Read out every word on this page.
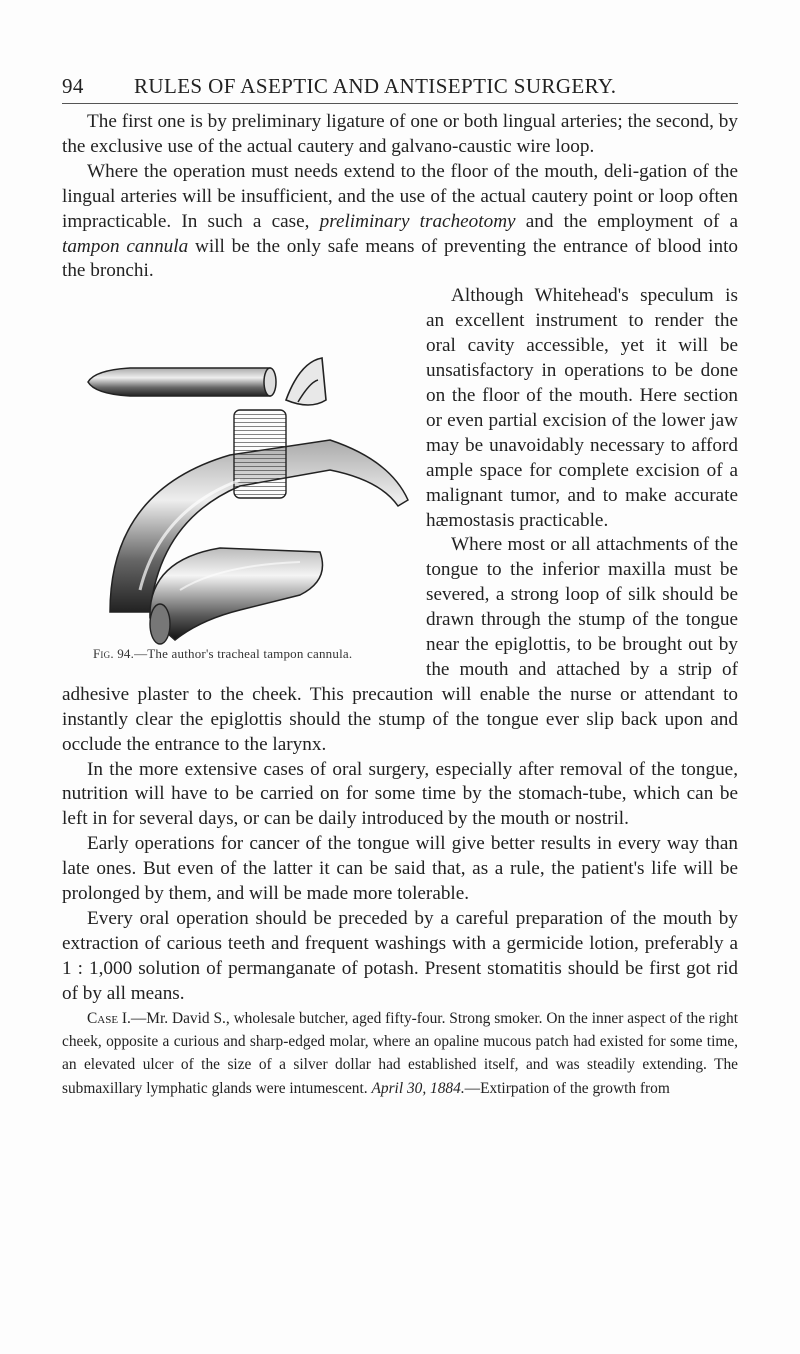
94 RULES OF ASEPTIC AND ANTISEPTIC SURGERY.

The first one is by preliminary ligature of one or both lingual arteries; the second, by the exclusive use of the actual cautery and galvano-caustic wire loop.

Where the operation must needs extend to the floor of the mouth, deli-gation of the lingual arteries will be insufficient, and the use of the actual cautery point or loop often impracticable. In such a case, preliminary tracheotomy and the employment of a tampon cannula will be the only safe means of preventing the entrance of blood into the bronchi.

Fig. 94.—The author's tracheal tampon cannula.

Although Whitehead's speculum is an excellent instrument to render the oral cavity accessible, yet it will be unsatisfactory in operations to be done on the floor of the mouth. Here section or even partial excision of the lower jaw may be unavoidably necessary to afford ample space for complete excision of a malignant tumor, and to make accurate hæmostasis practicable.

Where most or all attachments of the tongue to the inferior maxilla must be severed, a strong loop of silk should be drawn through the stump of the tongue near the epiglottis, to be brought out by the mouth and attached by a strip of adhesive plaster to the cheek. This precaution will enable the nurse or attendant to instantly clear the epiglottis should the stump of the tongue ever slip back upon and occlude the entrance to the larynx.

In the more extensive cases of oral surgery, especially after removal of the tongue, nutrition will have to be carried on for some time by the stomach-tube, which can be left in for several days, or can be daily introduced by the mouth or nostril.

Early operations for cancer of the tongue will give better results in every way than late ones. But even of the latter it can be said that, as a rule, the patient's life will be prolonged by them, and will be made more tolerable.

Every oral operation should be preceded by a careful preparation of the mouth by extraction of carious teeth and frequent washings with a germicide lotion, preferably a 1 : 1,000 solution of permanganate of potash. Present stomatitis should be first got rid of by all means.

Case I.—Mr. David S., wholesale butcher, aged fifty-four. Strong smoker. On the inner aspect of the right cheek, opposite a curious and sharp-edged molar, where an opaline mucous patch had existed for some time, an elevated ulcer of the size of a silver dollar had established itself, and was steadily extending. The submaxillary lymphatic glands were intumescent. April 30, 1884.—Extirpation of the growth from
